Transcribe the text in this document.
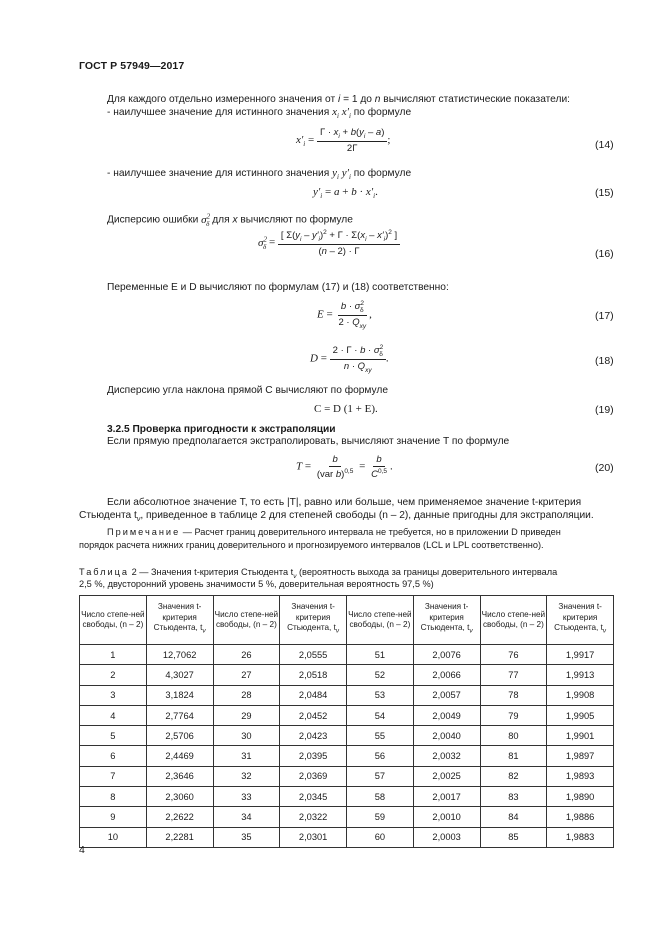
ГОСТ Р 57949—2017
Для каждого отдельно измеренного значения от i = 1 до n вычисляют статистические показатели:
- наилучшее значение для истинного значения $x_i$ $x'_i$ по формуле
$x'_i = \frac{\Gamma \cdot x_i + b(y_i - a)}{2\Gamma}$ ;	(14)
- наилучшее значение для истинного значения $y_i$ $y'_i$ по формуле
$y'_i = a + b \cdot x'_i$.	(15)
Дисперсию ошибки $\sigma^2_\delta$ для x вычисляют по формуле
$\sigma^2_\delta = \frac{[ \Sigma(y_i - y'_i)^2 + \Gamma \cdot \Sigma(x_i - x'_i)^2 ]}{(n - 2) \cdot \Gamma}$	(16)
Переменные E и D вычисляют по формулам (17) и (18) соответственно:
$E = \frac{b \cdot \sigma^2_\delta}{2 \cdot Q_{xy}}$ ,	(17)
$D = \frac{2 \cdot \Gamma \cdot b \cdot \sigma^2_\delta}{n \cdot Q_{xy}}$ .	(18)
Дисперсию угла наклона прямой C вычисляют по формуле
C = D (1 + E).	(19)
3.2.5 Проверка пригодности к экстраполяции
Если прямую предполагается экстраполировать, вычисляют значение T по формуле
$T = \frac{b}{(var b)^{0,5}} = \frac{b}{C^{0,5}}$ .	(20)
Если абсолютное значение T, то есть |T|, равно или больше, чем применяемое значение t-критерия
Стьюдента $t_\nu$, приведенное в таблице 2 для степеней свободы (n – 2), данные пригодны для экстраполяции.
Примечание — Расчет границ доверительного интервала не требуется, но в приложении D приведен
порядок расчета нижних границ доверительного и прогнозируемого интервалов (LCL и LPL соответственно).
Таблица 2 — Значения t-критерия Стьюдента $t_\nu$ (вероятность выхода за границы доверительного интервала
2,5 %, двусторонний уровень значимости 5 %, доверительная вероятность 97,5 %)
Число степе-ней свободы, (n – 2)	Значения t-критерия Стьюдента, $t_\nu$	Число степе-ней свободы, (n – 2)	Значения t-критерия Стьюдента, $t_\nu$	Число степе-ней свободы, (n – 2)	Значения t-критерия Стьюдента, $t_\nu$	Число степе-ней свободы, (n – 2)	Значения t-критерия Стьюдента, $t_\nu$
1	12,7062	26	2,0555	51	2,0076	76	1,9917
2	4,3027	27	2,0518	52	2,0066	77	1,9913
3	3,1824	28	2,0484	53	2,0057	78	1,9908
4	2,7764	29	2,0452	54	2,0049	79	1,9905
5	2,5706	30	2,0423	55	2,0040	80	1,9901
6	2,4469	31	2,0395	56	2,0032	81	1,9897
7	2,3646	32	2,0369	57	2,0025	82	1,9893
8	2,3060	33	2,0345	58	2,0017	83	1,9890
9	2,2622	34	2,0322	59	2,0010	84	1,9886
10	2,2281	35	2,0301	60	2,0003	85	1,9883
4
